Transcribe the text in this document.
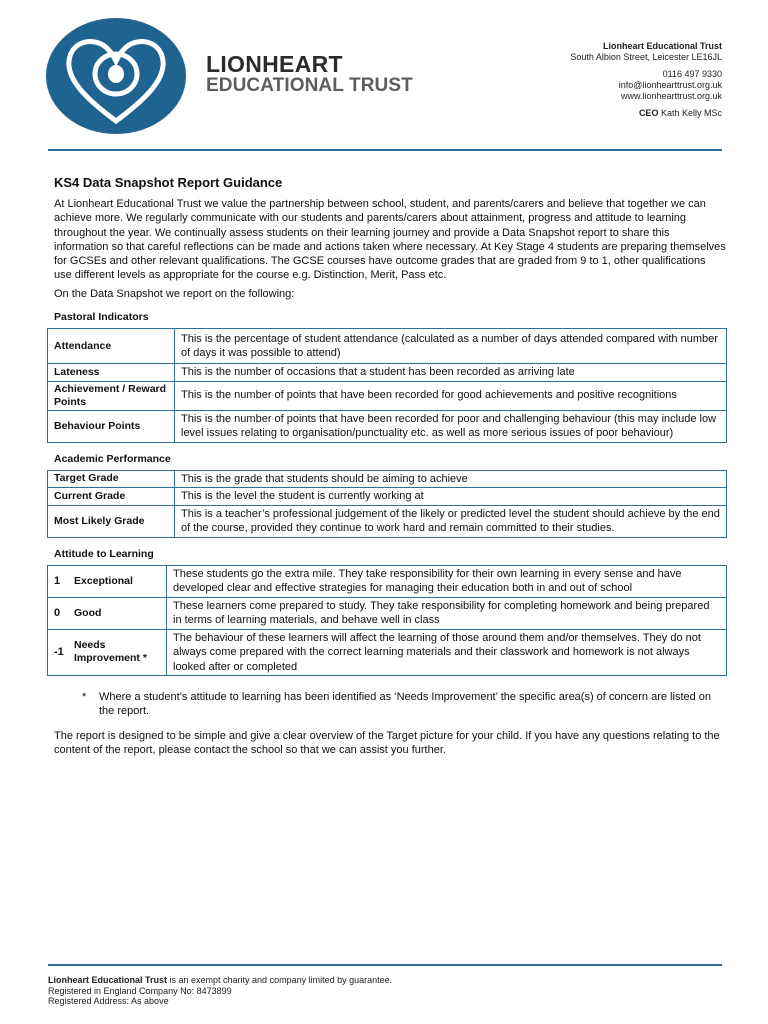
LIONHEART
EDUCATIONAL TRUST
Lionheart Educational Trust
South Albion Street, Leicester LE16JL
0116 497 9330
info@lionhearttrust.org.uk
www.lionhearttrust.org.uk
CEO Kath Kelly MSc
KS4 Data Snapshot Report Guidance

At Lionheart Educational Trust we value the partnership between school, student, and parents/carers and believe that together we can achieve more. We regularly communicate with our students and parents/carers about attainment, progress and attitude to learning throughout the year. We continually assess students on their learning journey and provide a Data Snapshot report to share this information so that careful reflections can be made and actions taken where necessary. At Key Stage 4 students are preparing themselves for GCSEs and other relevant qualifications. The GCSE courses have outcome grades that are graded from 9 to 1, other qualifications use different levels as appropriate for the course e.g. Distinction, Merit, Pass etc.

On the Data Snapshot we report on the following:

Pastoral Indicators
Attendance	This is the percentage of student attendance (calculated as a number of days attended compared with number of days it was possible to attend)
Lateness	This is the number of occasions that a student has been recorded as arriving late
Achievement / Reward Points	This is the number of points that have been recorded for good achievements and positive recognitions
Behaviour Points	This is the number of points that have been recorded for poor and challenging behaviour (this may include low level issues relating to organisation/punctuality etc. as well as more serious issues of poor behaviour)
Academic Performance
Target Grade	This is the grade that students should be aiming to achieve
Current Grade	This is the level the student is currently working at
Most Likely Grade	This is a teacher’s professional judgement of the likely or predicted level the student should achieve by the end of the course, provided they continue to work hard and remain committed to their studies.
Attitude to Learning
1	Exceptional	These students go the extra mile. They take responsibility for their own learning in every sense and have developed clear and effective strategies for managing their education both in and out of school
0	Good	These learners come prepared to study. They take responsibility for completing homework and being prepared in terms of learning materials, and behave well in class
-1	Needs Improvement *	The behaviour of these learners will affect the learning of those around them and/or themselves. They do not always come prepared with the correct learning materials and their classwork and homework is not always looked after or completed
*	Where a student’s attitude to learning has been identified as ‘Needs Improvement’ the specific area(s) of concern are listed on the report.

The report is designed to be simple and give a clear overview of the Target picture for your child. If you have any questions relating to the content of the report, please contact the school so that we can assist you further.

Lionheart Educational Trust is an exempt charity and company limited by guarantee.
Registered in England Company No: 8473899
Registered Address: As above
